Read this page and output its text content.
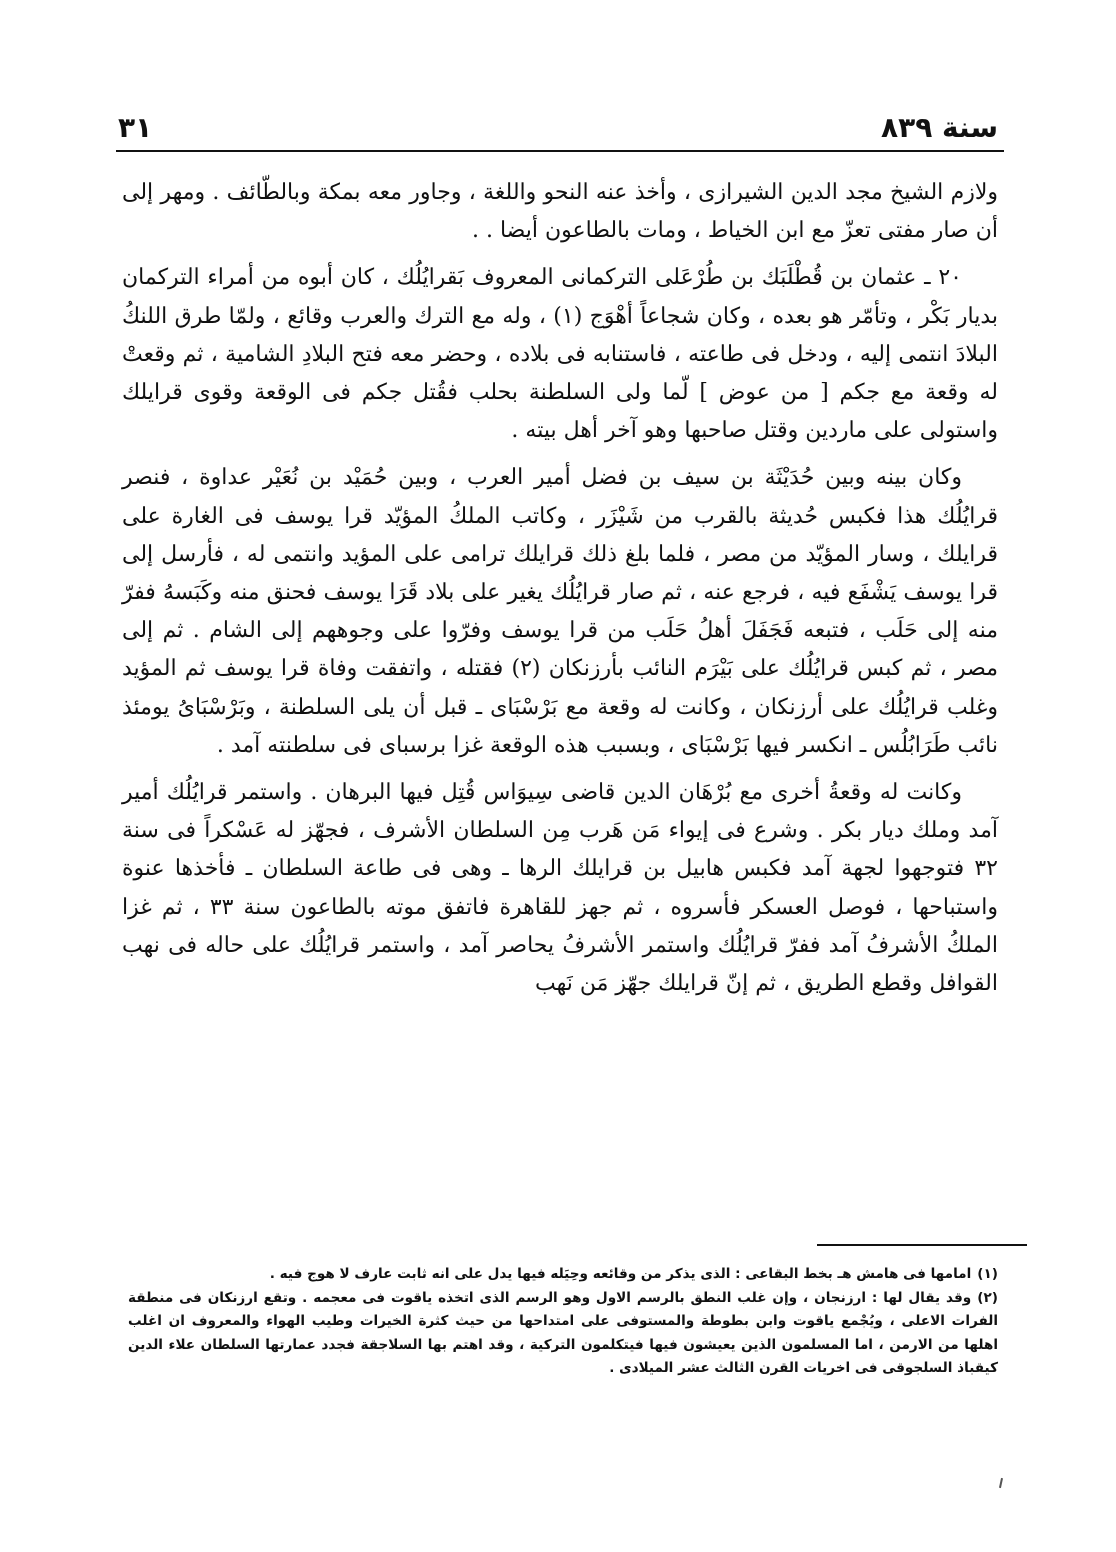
سنة ٨٣٩
٣١

ولازم الشيخ مجد الدين الشيرازى ، وأخذ عنه النحو واللغة ، وجاور معه بمكة وبالطّائف . ومهر إلى أن صار مفتى تعزّ مع ابن الخياط ، ومات بالطاعون أيضا . .

٢٠ ـ عثمان بن قُطْلَبَك بن طُرْعَلى التركمانى المعروف بَقرايُلُك ، كان أبوه من أمراء التركمان بديار بَكْر ، وتأمّر هو بعده ، وكان شجاعاً أهْوَج (١) ، وله مع الترك والعرب وقائع ، ولمّا طرق اللنكُ البلادَ انتمى إليه ، ودخل فى طاعته ، فاستنابه فى بلاده ، وحضر معه فتح البلادِ الشامية ، ثم وقعتْ له وقعة مع جكم [ من عوض ] لّما ولى السلطنة بحلب فقُتل جكم فى الوقعة وقوى قرايلك واستولى على ماردين وقتل صاحبها وهو آخر أهل بيته .

وكان بينه وبين حُدَيْثَة بن سيف بن فضل أمير العرب ، وبين حُمَيْد بن نُعَيْر عداوة ، فنصر قرايُلُك هذا فكبس حُديثة بالقرب من شَيْزَر ، وكاتب الملكُ المؤيّد قرا يوسف فى الغارة على قرايلك ، وسار المؤيّد من مصر ، فلما بلغ ذلك قرايلك ترامى على المؤيد وانتمى له ، فأرسل إلى قرا يوسف يَشْفَع فيه ، فرجع عنه ، ثم صار قرايُلُك يغير على بلاد قَرَا يوسف فحنق منه وكَبَسهُ ففرّ منه إلى حَلَب ، فتبعه فَجَفَلَ أهلُ حَلَب من قرا يوسف وفرّوا على وجوههم إلى الشام . ثم إلى مصر ، ثم كبس قرايُلُك على بَيْرَم النائب بأرزنكان (٢) فقتله ، واتفقت وفاة قرا يوسف ثم المؤيد وغلب قرايُلُك على أرزنكان ، وكانت له وقعة مع بَرْسْبَاى ـ قبل أن يلى السلطنة ، وبَرْسْبَاىُ يومئذ نائب طَرَابُلُس ـ انكسر فيها بَرْسْبَاى ، وبسبب هذه الوقعة غزا برسباى فى سلطنته آمد .

وكانت له وقعةُ أخرى مع بُرْهَان الدين قاضى سِيوَاس قُتِل فيها البرهان . واستمر قرايُلُك أمير آمد وملك ديار بكر . وشرع فى إيواء مَن هَرب مِن السلطان الأشرف ، فجهّز له عَسْكراً فى سنة ٣٢ فتوجهوا لجهة آمد فكبس هابيل بن قرايلك الرها ـ وهى فى طاعة السلطان ـ فأخذها عنوة واستباحها ، فوصل العسكر فأسروه ، ثم جهز للقاهرة فاتفق موته بالطاعون سنة ٣٣ ، ثم غزا الملكُ الأشرفُ آمد ففرّ قرايُلُك واستمر الأشرفُ يحاصر آمد ، واستمر قرايُلُك على حاله فى نهب القوافل وقطع الطريق ، ثم إنّ قرايلك جهّز مَن نَهب

(١)امامها فى هامش هـ بخط البقاعى : الذى يذكر من وقائعه وحِيَله فيها يدل على انه ثابت عارف لا هوج فيه .

(٢)وقد يقال لها : ارزنجان ، وإن غلب النطق بالرسم الاول وهو الرسم الذى اتخذه ياقوت فى معجمه . وتقع ارزنكان فى منطقة الفرات الاعلى ، ويُجْمع ياقوت وابن بطوطة والمستوفى على امتداحها من حيث كثرة الخيرات وطيب الهواء والمعروف ان اغلب اهلها من الارمن ، اما المسلمون الذين يعيشون فيها فيتكلمون التركية ، وقد اهتم بها السلاجقة فجدد عمارتها السلطان علاء الدين كيقباذ السلجوقى فى اخريات القرن الثالث عشر الميلادى .
